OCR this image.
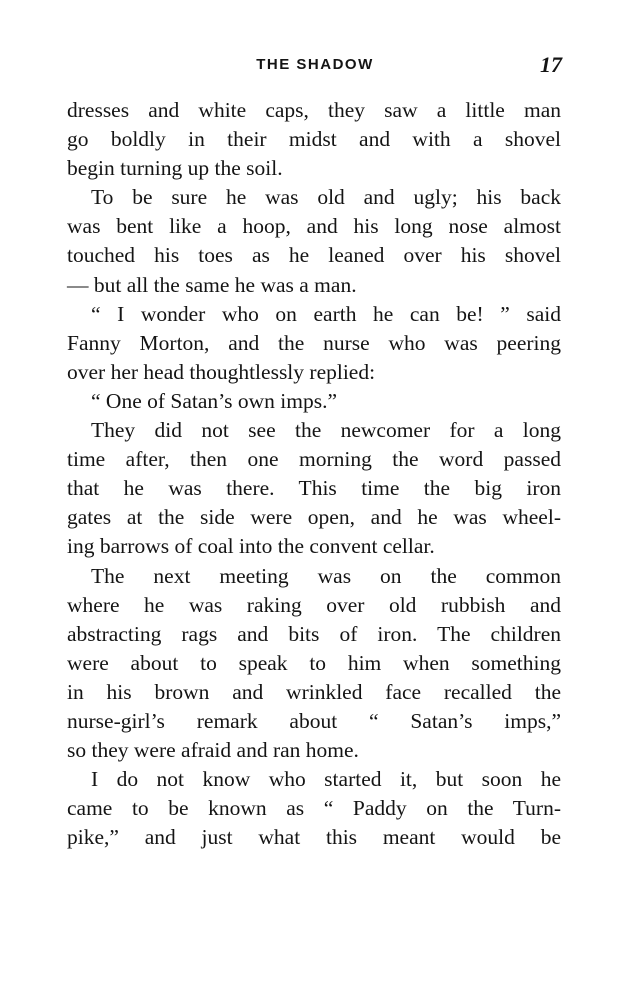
THE SHADOW	17
dresses and white caps, they saw a little man
go boldly in their midst and with a shovel
begin turning up the soil.
To be sure he was old and ugly; his back
was bent like a hoop, and his long nose almost
touched his toes as he leaned over his shovel
— but all the same he was a man.
“ I wonder who on earth he can be! ” said
Fanny Morton, and the nurse who was peering
over her head thoughtlessly replied:
“ One of Satan’s own imps.”
They did not see the newcomer for a long
time after, then one morning the word passed
that he was there. This time the big iron
gates at the side were open, and he was wheel-
ing barrows of coal into the convent cellar.
The next meeting was on the common
where he was raking over old rubbish and
abstracting rags and bits of iron. The children
were about to speak to him when something
in his brown and wrinkled face recalled the
nurse-girl’s remark about “ Satan’s imps,”
so they were afraid and ran home.
I do not know who started it, but soon he
came to be known as “ Paddy on the Turn-
pike,” and just what this meant would be
